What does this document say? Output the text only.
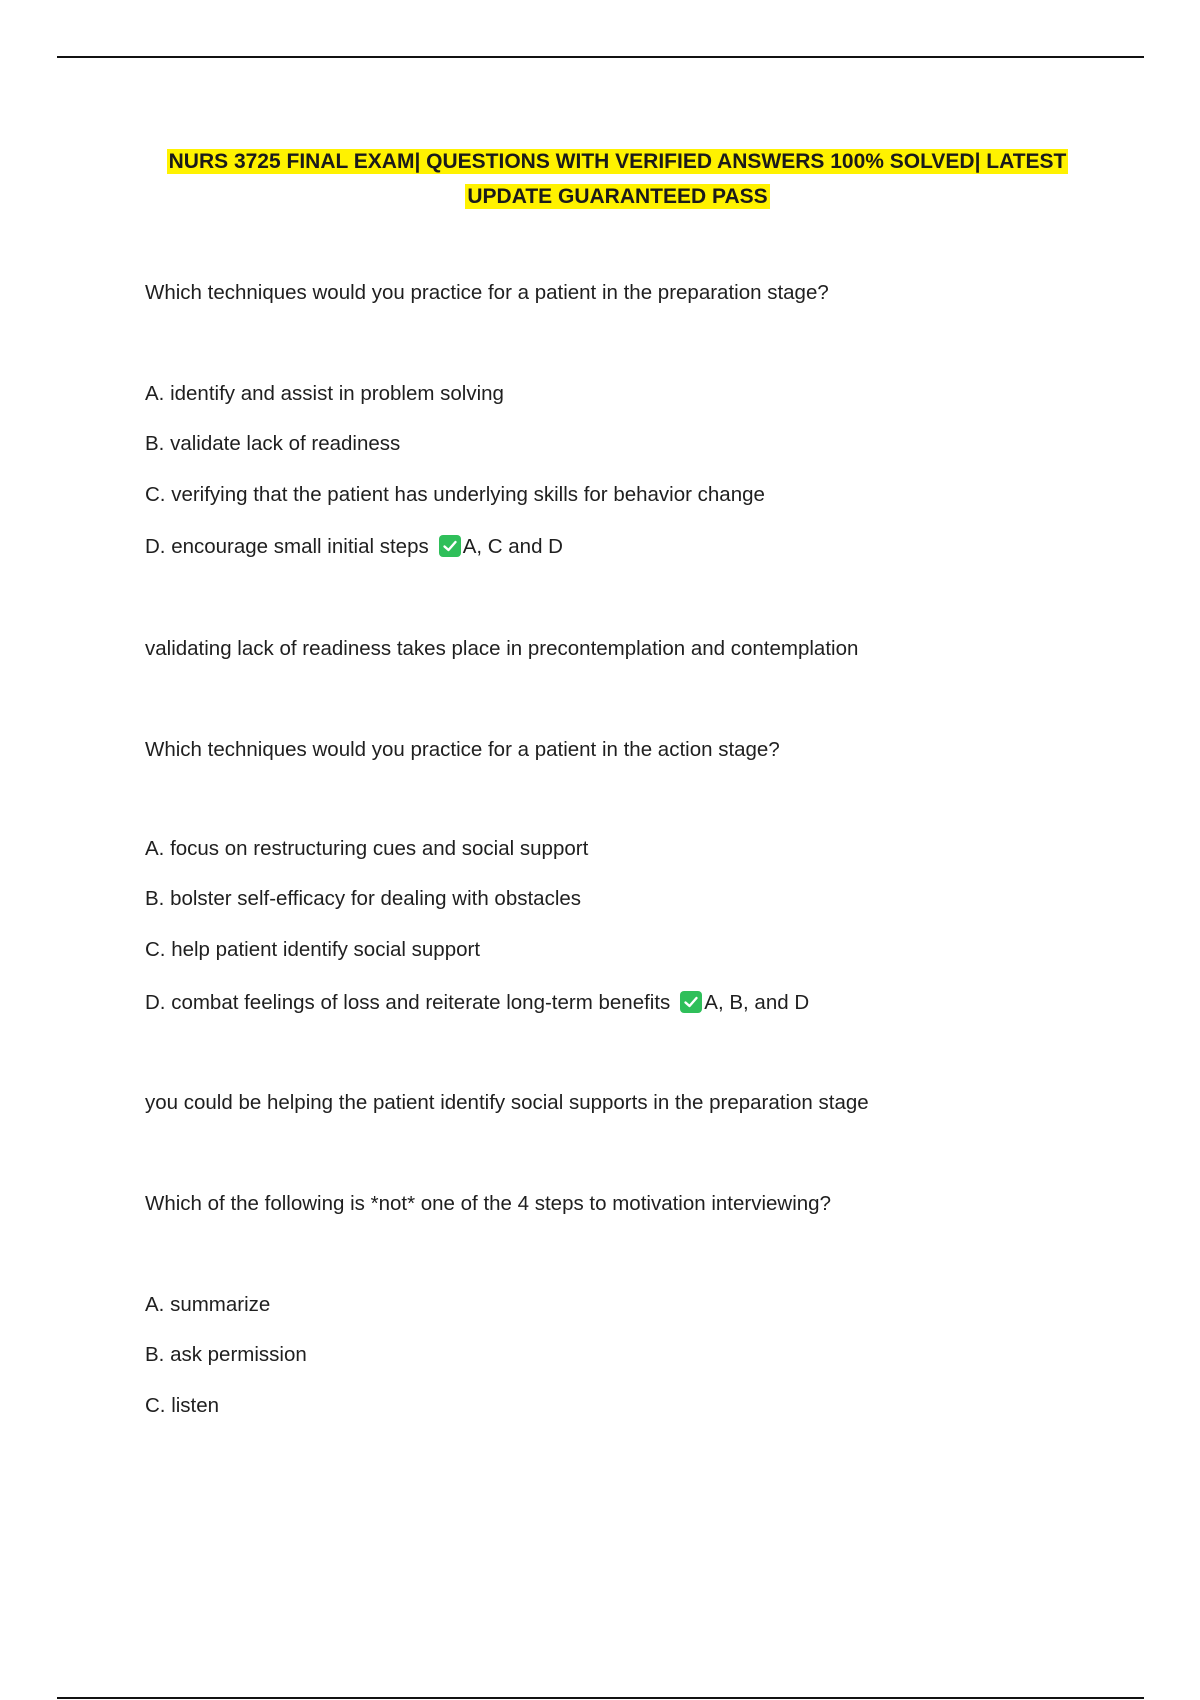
NURS 3725 FINAL EXAM| QUESTIONS WITH VERIFIED ANSWERS 100% SOLVED| LATEST
UPDATE GUARANTEED PASS
Which techniques would you practice for a patient in the preparation stage?
A. identify and assist in problem solving
B. validate lack of readiness
C. verifying that the patient has underlying skills for behavior change
D. encourage small initial steps A, C and D
validating lack of readiness takes place in precontemplation and contemplation
Which techniques would you practice for a patient in the action stage?
A. focus on restructuring cues and social support
B. bolster self-efficacy for dealing with obstacles
C. help patient identify social support
D. combat feelings of loss and reiterate long-term benefits A, B, and D
you could be helping the patient identify social supports in the preparation stage
Which of the following is *not* one of the 4 steps to motivation interviewing?
A. summarize
B. ask permission
C. listen
